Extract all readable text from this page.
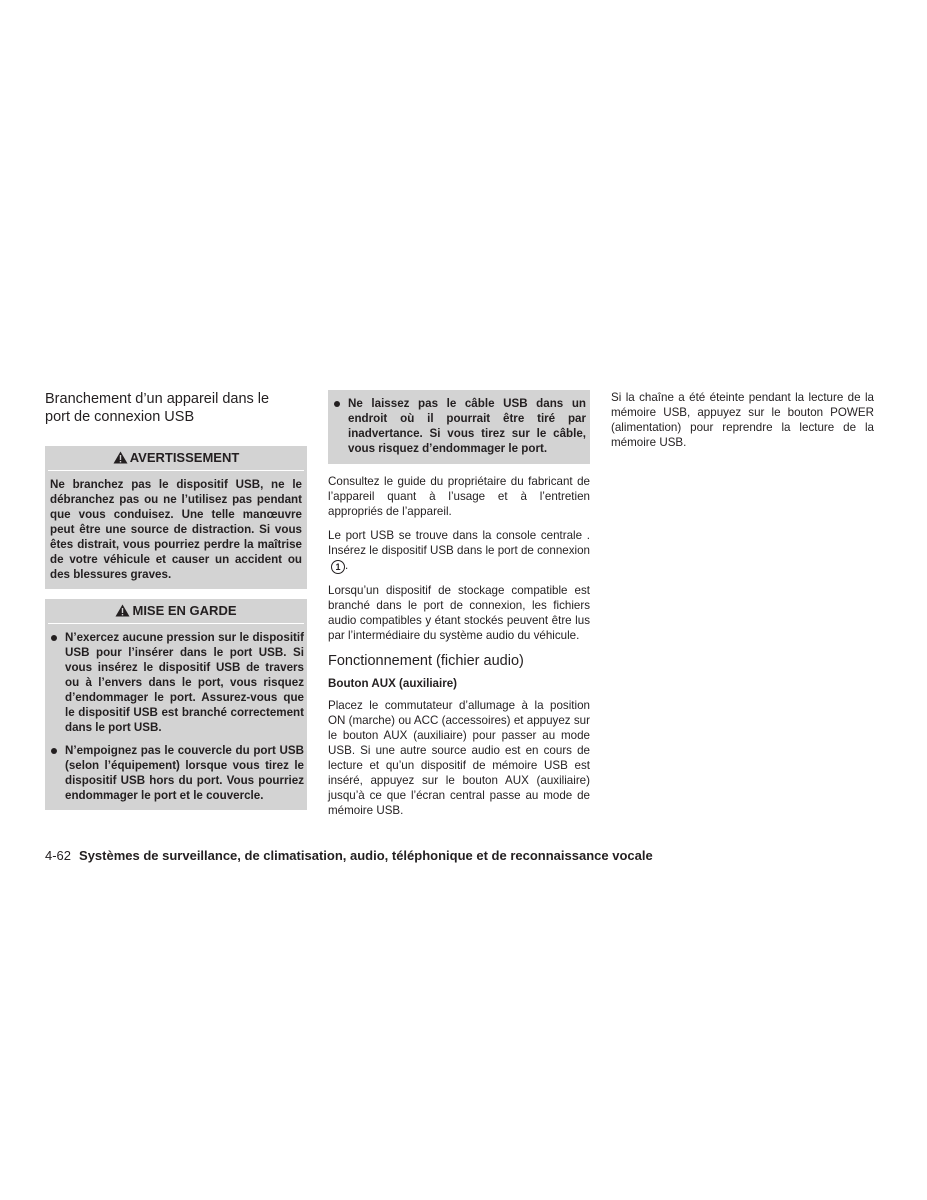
Branchement d’un appareil dans le
port de connexion USB
AVERTISSEMENT
Ne branchez pas le dispositif USB, ne le débranchez pas ou ne l’utilisez pas pendant que vous conduisez. Une telle manœuvre peut être une source de distraction. Si vous êtes distrait, vous pourriez perdre la maîtrise de votre véhicule et causer un accident ou des blessures graves.
MISE EN GARDE
N’exercez aucune pression sur le dispositif USB pour l’insérer dans le port USB. Si vous insérez le dispositif USB de travers ou à l’envers dans le port, vous risquez d’endommager le port. Assurez-vous que le dispositif USB est branché correctement dans le port USB.
N’empoignez pas le couvercle du port USB (selon l’équipement) lorsque vous tirez le dispositif USB hors du port. Vous pourriez endommager le port et le couvercle.
Ne laissez pas le câble USB dans un endroit où il pourrait être tiré par inadvertance. Si vous tirez sur le câble, vous risquez d’endommager le port.

Consultez le guide du propriétaire du fabricant de l’appareil quant à l’usage et à l’entretien appropriés de l’appareil.

Le port USB se trouve dans la console centrale . Insérez le dispositif USB dans le port de connexion1 .

Lorsqu’un dispositif de stockage compatible est branché dans le port de connexion, les fichiers audio compatibles y étant stockés peuvent être lus par l’intermédiaire du système audio du véhicule.

Fonctionnement (fichier audio)
Bouton AUX (auxiliaire)

Placez le commutateur d’allumage à la position ON (marche) ou ACC (accessoires) et appuyez sur le bouton AUX (auxiliaire) pour passer au mode USB. Si une autre source audio est en cours de lecture et qu’un dispositif de mémoire USB est inséré, appuyez sur le bouton AUX (auxiliaire) jusqu’à ce que l’écran central passe au mode de mémoire USB.

Si la chaîne a été éteinte pendant la lecture de la mémoire USB, appuyez sur le bouton POWER (alimentation) pour reprendre la lecture de la mémoire USB.

4-62 Systèmes de surveillance, de climatisation, audio, téléphonique et de reconnaissance vocale
